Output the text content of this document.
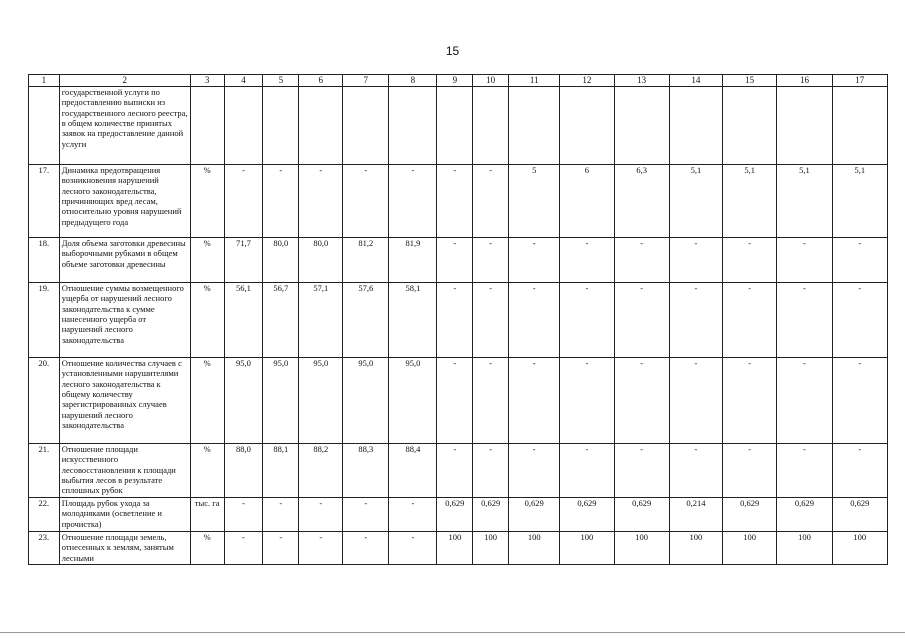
15
1	2	3	4	5	6	7	8	9	10	11	12	13	14	15	16	17
	государственной услуги по предоставлению выписки из государственного лесного реестра, в общем количестве принятых заявок на предоставление данной услуги															
17.	Динамика предотвращения возникновения нарушений лесного законодательства, причиняющих вред лесам, относительно уровня нарушений предыдущего года	%	-	-	-	-	-	-	-	5	6	6,3	5,1	5,1	5,1	5,1
18.	Доля объема заготовки древесины выборочными рубками в общем объеме заготовки древесины	%	71,7	80,0	80,0	81,2	81,9	-	-	-	-	-	-	-	-	-
19.	Отношение суммы возмещенного ущерба от нарушений лесного законодательства к сумме нанесенного ущерба от нарушений лесного законодательства	%	56,1	56,7	57,1	57,6	58,1	-	-	-	-	-	-	-	-	-
20.	Отношение количества случаев с установленными нарушителями лесного законодательства к общему количеству зарегистрированных случаев нарушений лесного законодательства	%	95,0	95,0	95,0	95,0	95,0	-	-	-	-	-	-	-	-	-
21.	Отношение площади искусственного лесовосстановления к площади выбытия лесов в результате сплошных рубок	%	88,0	88,1	88,2	88,3	88,4	-	-	-	-	-	-	-	-	-
22.	Площадь рубок ухода за молодняками (осветление и прочистка)	тыс. га	-	-	-	-	-	0,629	0,629	0,629	0,629	0,629	0,214	0,629	0,629	0,629
23.	Отношение площади земель, отнесенных к землям, занятым лесными	%	-	-	-	-	-	100	100	100	100	100	100	100	100	100
